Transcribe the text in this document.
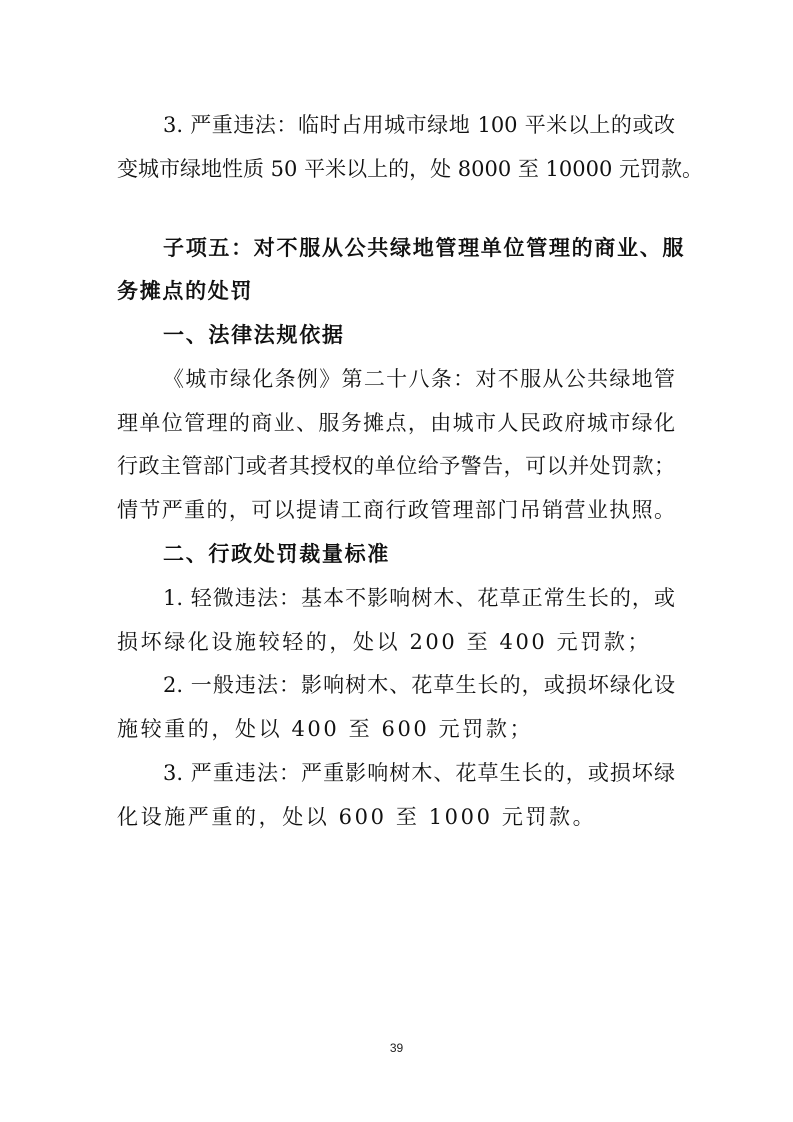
3. 严重违法：临时占用城市绿地 100 平米以上的或改
变城市绿地性质 50 平米以上的，处 8000 至 10000 元罚款。
子项五：对不服从公共绿地管理单位管理的商业、服
务摊点的处罚
一、法律法规依据
《城市绿化条例》第二十八条：对不服从公共绿地管
理单位管理的商业、服务摊点，由城市人民政府城市绿化
行政主管部门或者其授权的单位给予警告，可以并处罚款；
情节严重的，可以提请工商行政管理部门吊销营业执照。
二、行政处罚裁量标准
1. 轻微违法：基本不影响树木、花草正常生长的，或
损坏绿化设施较轻的，处以 200 至 400 元罚款；
2. 一般违法：影响树木、花草生长的，或损坏绿化设
施较重的，处以 400 至 600 元罚款；
3. 严重违法：严重影响树木、花草生长的，或损坏绿
化设施严重的，处以 600 至 1000 元罚款。
39
